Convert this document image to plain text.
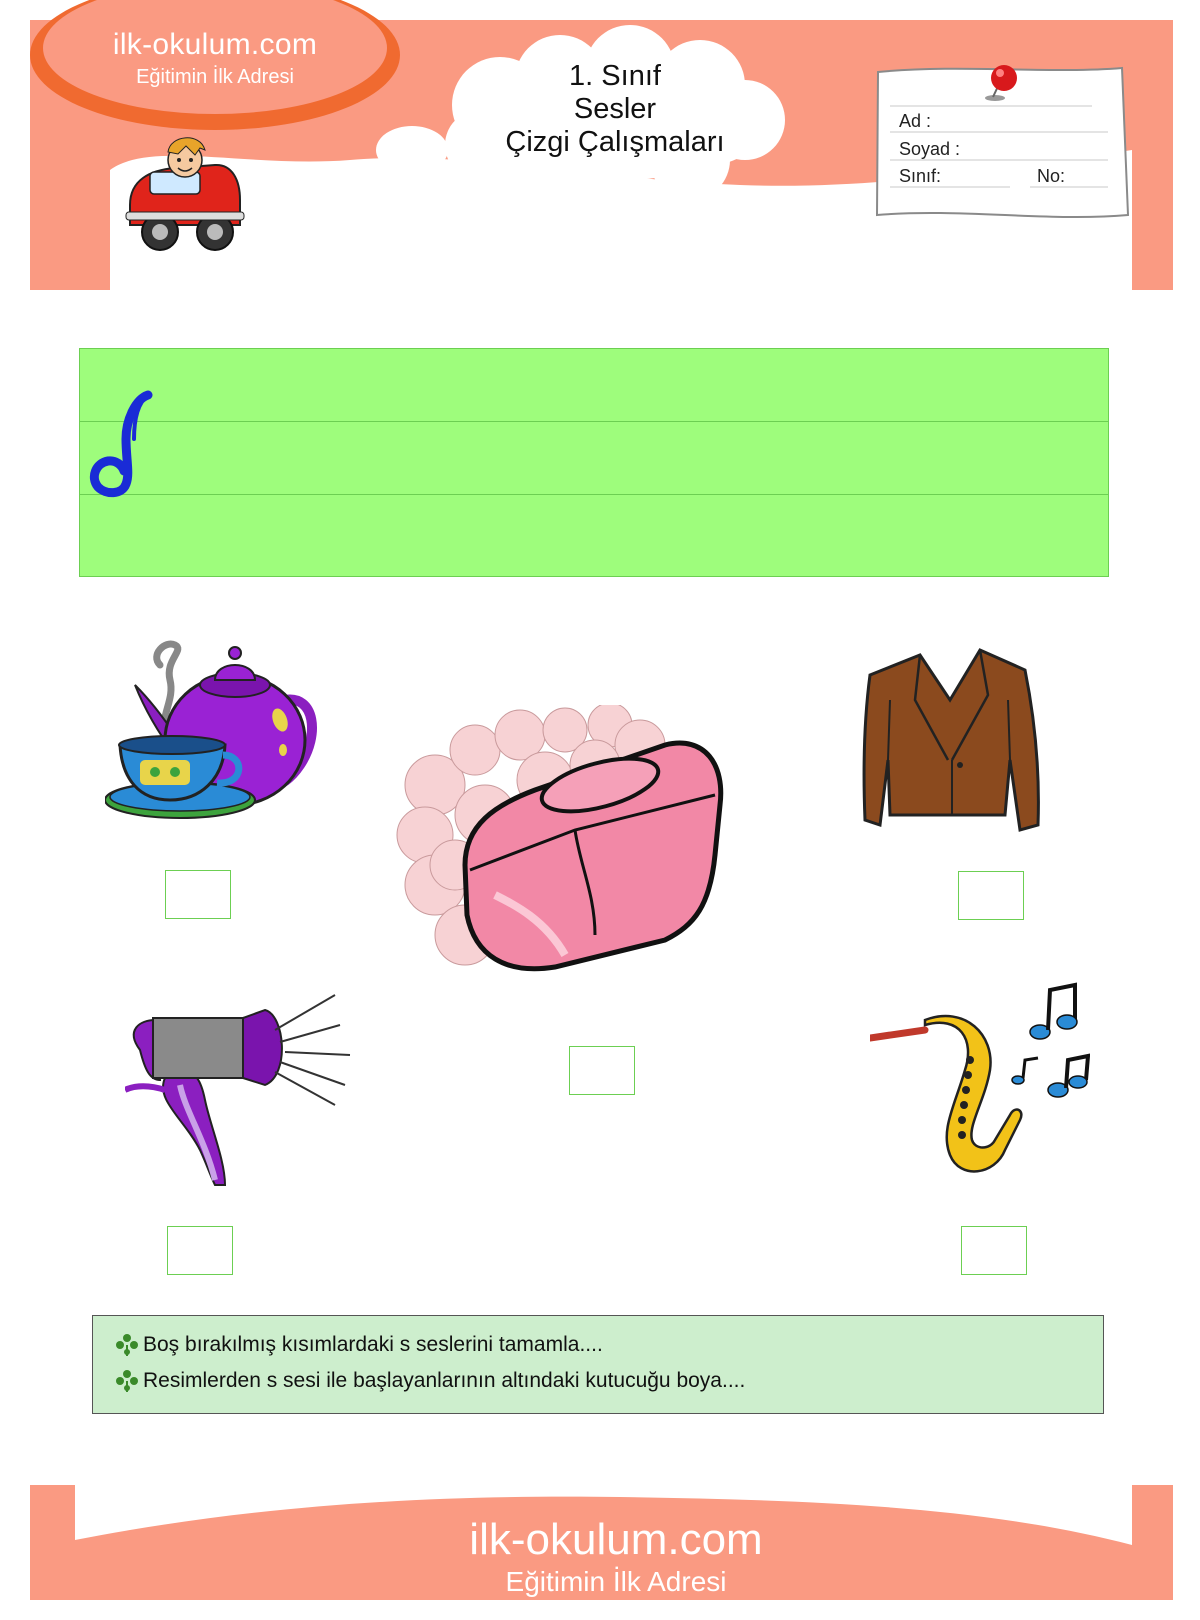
ilk-okulum.com
Eğitimin İlk Adresi	1. Sınıf
Sesler
Çizgi Çalışmaları
Ad :
Soyad :
Sınıf:	No:
Boş bırakılmış kısımlardaki s seslerini tamamla....
Resimlerden s sesi ile başlayanlarının altındaki kutucuğu boya....
ilk-okulum.com
Eğitimin İlk Adresi
